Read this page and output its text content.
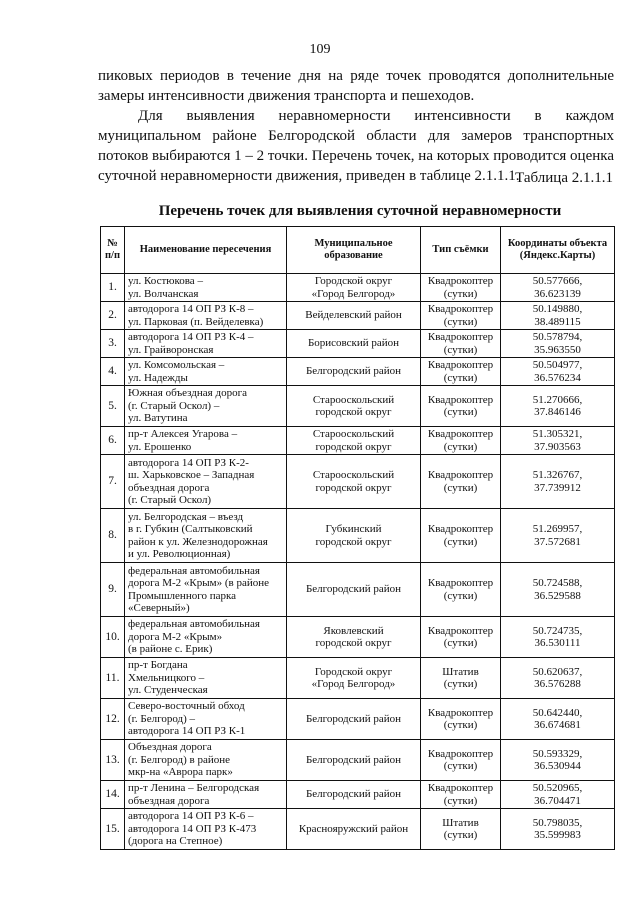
109

пиковых периодов в течение дня на ряде точек проводятся дополнительные замеры интенсивности движения транспорта и пешеходов.

Для выявления неравномерности интенсивности в каждом муниципальном районе Белгородской области для замеров транспортных потоков выбираются 1 – 2 точки. Перечень точек, на которых проводится оценка суточной неравномерности движения, приведен в таблице 2.1.1.1.

Таблица 2.1.1.1
Перечень точек для выявления суточной неравномерности
№ п/п	Наименование пересечения	Муниципальное образование	Тип съёмки	Координаты объекта (Яндекс.Карты)
1.	ул. Костюкова –
ул. Волчанская	Городской округ
«Город Белгород»	Квадрокоптер
(сутки)	50.577666,
36.623139

2.	автодорога 14 ОП РЗ К-8 –
ул. Парковая (п. Вейделевка)	Вейделевский район	Квадрокоптер
(сутки)	50.149880,
38.489115

3.	автодорога 14 ОП РЗ К-4 –
ул. Грайворонская	Борисовский район	Квадрокоптер
(сутки)	50.578794,
35.963550

4.	ул. Комсомольская –
ул. Надежды	Белгородский район	Квадрокоптер
(сутки)	50.504977,
36.576234

5.	Южная объездная дорога
(г. Старый Оскол) –
ул. Ватутина	Старооскольский
городской округ	Квадрокоптер
(сутки)	51.270666,
37.846146

6.	пр-т Алексея Угарова –
ул. Ерошенко	Старооскольский
городской округ	Квадрокоптер
(сутки)	51.305321,
37.903563

7.	автодорога 14 ОП РЗ К-2-
ш. Харьковское – Западная
объездная дорога
(г. Старый Оскол)	Старооскольский
городской округ	Квадрокоптер
(сутки)	51.326767,
37.739912

8.	ул. Белгородская – въезд
в г. Губкин (Салтыковский
район к ул. Железнодорожная
и ул. Революционная)	Губкинский
городской округ	Квадрокоптер
(сутки)	51.269957,
37.572681

9.	федеральная автомобильная
дорога М-2 «Крым» (в районе
Промышленного парка
«Северный»)	Белгородский район	Квадрокоптер
(сутки)	50.724588,
36.529588

10.	федеральная автомобильная
дорога М-2 «Крым»
(в районе с. Ерик)	Яковлевский
городской округ	Квадрокоптер
(сутки)	50.724735,
36.530111

11.	пр-т Богдана
Хмельницкого –
ул. Студенческая	Городской округ
«Город Белгород»	Штатив
(сутки)	50.620637,
36.576288

12.	Северо-восточный обход
(г. Белгород) –
автодорога 14 ОП РЗ К-1	Белгородский район	Квадрокоптер
(сутки)	50.642440,
36.674681

13.	Объездная дорога
(г. Белгород) в районе
мкр-на «Аврора парк»	Белгородский район	Квадрокоптер
(сутки)	50.593329,
36.530944

14.	пр-т Ленина – Белгородская
объездная дорога	Белгородский район	Квадрокоптер
(сутки)	50.520965,
36.704471

15.	автодорога 14 ОП РЗ К-6 –
автодорога 14 ОП РЗ К-473
(дорога на Степное)	Краснояружский район	Штатив
(сутки)	50.798035,
35.599983
